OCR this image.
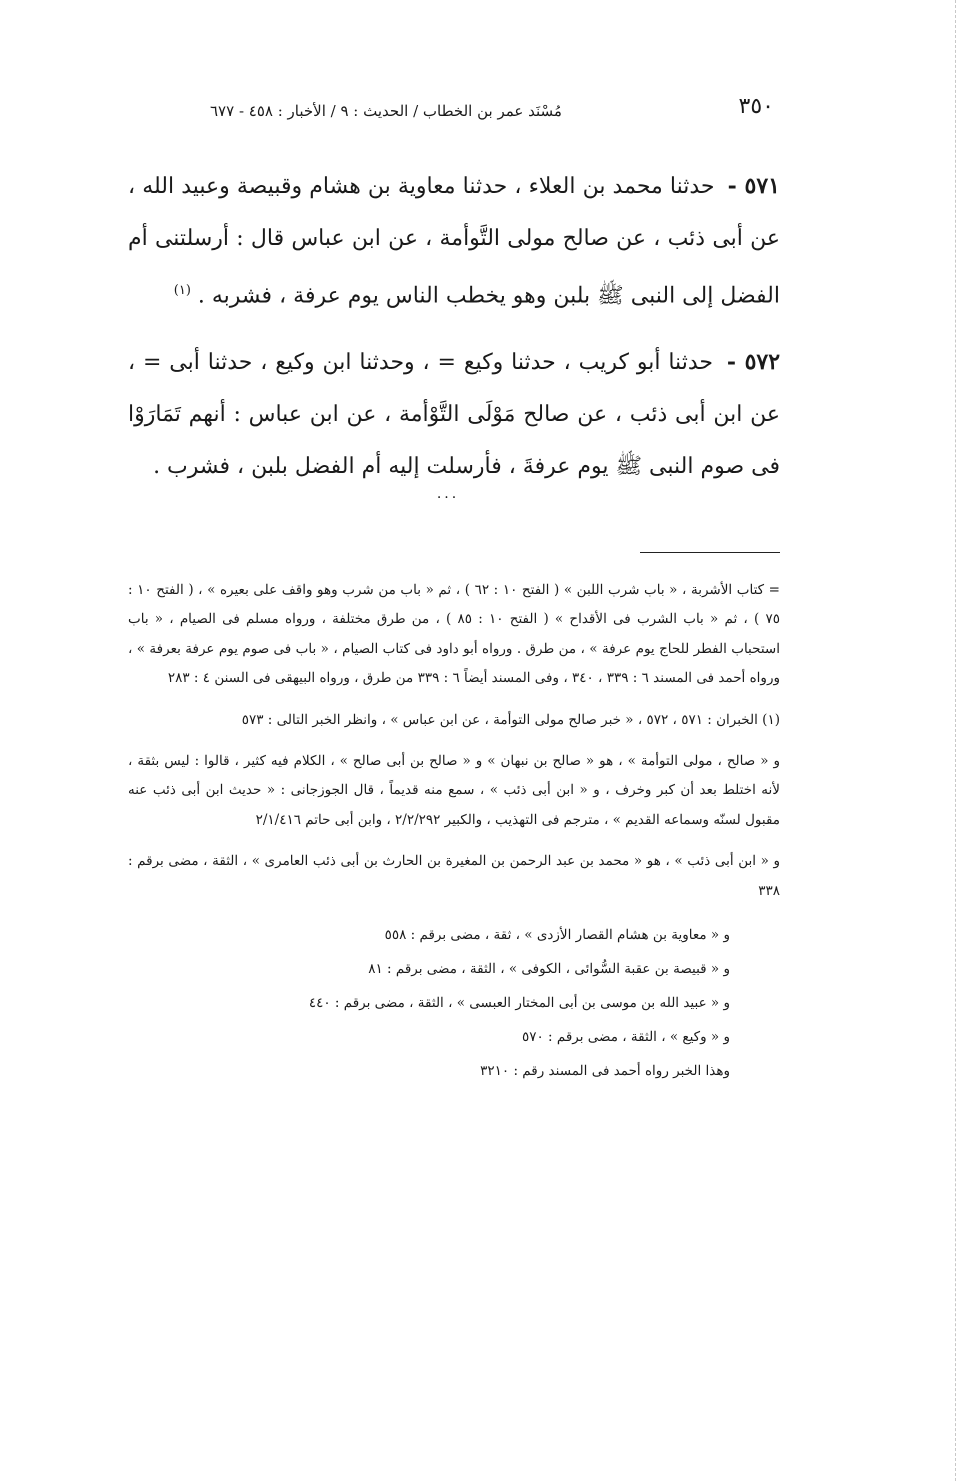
٣٥٠
مُسْنَد عمر بن الخطاب / الحديث : ٩ / الأخبار : ٤٥٨ - ٦٧٧

٥٧١ - حدثنا محمد بن العلاء ، حدثنا معاوية بن هشام وقبيصة وعبيد الله ، عن أبى ذئب ، عن صالح مولى التَّوأمة ، عن ابن عباس قال : أرسلتنى أم الفضل إلى النبى ﷺ بلبن وهو يخطب الناس يوم عرفة ، فشربه . $^{(١)}$

٥٧٢ - حدثنا أبو كريب ، حدثنا وكيع = ، وحدثنا ابن وكيع ، حدثنا أبى = ، عن ابن أبى ذئب ، عن صالح مَوْلَى التَّوْأمة ، عن ابن عباس : أنهم تَمَارَوْا فى صوم النبى ﷺ يوم عرفةَ ، فأرسلت إليه أم الفضل بلبن ، فشرب .

...

= كتاب الأشربة ، « باب شرب اللبن » ( الفتح ١٠ : ٦٢ ) ، ثم « باب من شرب وهو واقف على بعيره » ، ( الفتح ١٠ : ٧٥ ) ، ثم « باب الشرب فى الأقداح » ( الفتح ١٠ : ٨٥ ) ، من طرق مختلفة ، ورواه مسلم فى الصيام ، « باب استحباب الفطر للحاج يوم عرفة » ، من طرق . ورواه أبو داود فى كتاب الصيام ، « باب فى صوم يوم عرفة بعرفة » ، ورواه أحمد فى المسند ٦ : ٣٣٩ ، ٣٤٠ ، وفى المسند أيضاً ٦ : ٣٣٩ من طرق ، ورواه البيهقى فى السنن ٤ : ٢٨٣

(١) الخبران : ٥٧١ ، ٥٧٢ ، « خبر صالح مولى التوأمة ، عن ابن عباس » ، وانظر الخبر التالى : ٥٧٣

و « صالح ، مولى التوأمة » ، هو « صالح بن نبهان » و « صالح بن أبى صالح » ، الكلام فيه كثير ، قالوا : ليس بثقة ، لأنه اختلط بعد أن كبر وخرف ، و « ابن أبى ذئب » ، سمع منه قديماً ، قال الجوزجانى : « حديث ابن أبى ذئب عنه مقبول لسنّه وسماعه القديم » ، مترجم فى التهذيب ، والكبير ٢/٢/٢٩٢ ، وابن أبى حاتم ٢/١/٤١٦

و « ابن أبى ذئب » ، هو « محمد بن عبد الرحمن بن المغيرة بن الحارث بن أبى ذئب العامرى » ، الثقة ، مضى برقم : ٣٣٨

و « معاوية بن هشام القصار الأزدى » ، ثقة ، مضى برقم : ٥٥٨

و « قبيصة بن عقبة السُّوائى ، الكوفى » ، الثقة ، مضى برقم : ٨١

و « عبيد الله بن موسى بن أبى المختار العبسى » ، الثقة ، مضى برقم : ٤٤٠

و « وكيع » ، الثقة ، مضى برقم : ٥٧٠

وهذا الخبر رواه أحمد فى المسند رقم : ٣٢١٠
